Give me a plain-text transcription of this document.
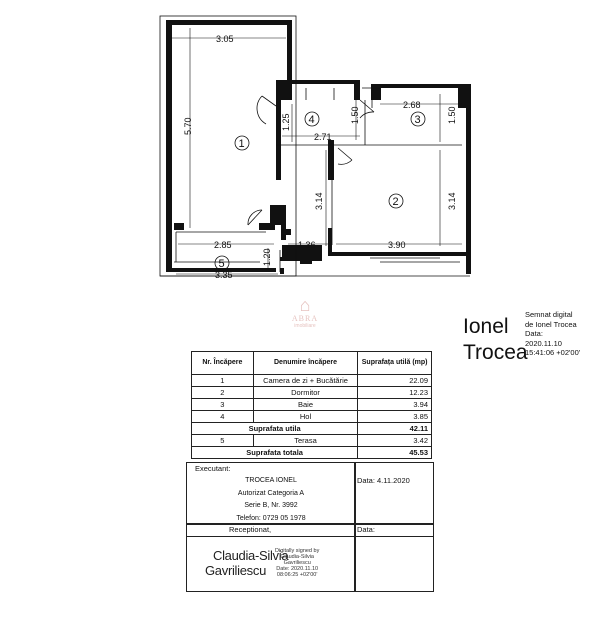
3.05
5.70	1.25	1.50
2.68
1.50
2.71
3.14	3.14
2.85	1.36	3.90
1.20
3.35
1
2
3
4
5
⌂
ABRA
imobiliare	Ionel
Trocea
Semnat digital
de Ionel Trocea
Data:
2020.11.10
15:41:06 +02'00'
Nr. Încăpere	Denumire încăpere	Suprafața utilă (mp)
1	Camera de zi + Bucătărie	22.09
2	Dormitor	12.23
3	Baie	3.94
4	Hol	3.85
Suprafata utila		42.11
5	Terasa	3.42
Suprafata totala		45.53
Executant:
TROCEA IONEL
Autorizat Categoria A
Serie B, Nr. 3992
Telefon: 0729 05 1978
Data: 4.11.2020
Receptionat,	Data:
Claudia-Silvia
Gavriliescu
Digitally signed by
Claudia-Silvia
Gavriliescu
Date: 2020.11.10
08:06:25 +02'00'
